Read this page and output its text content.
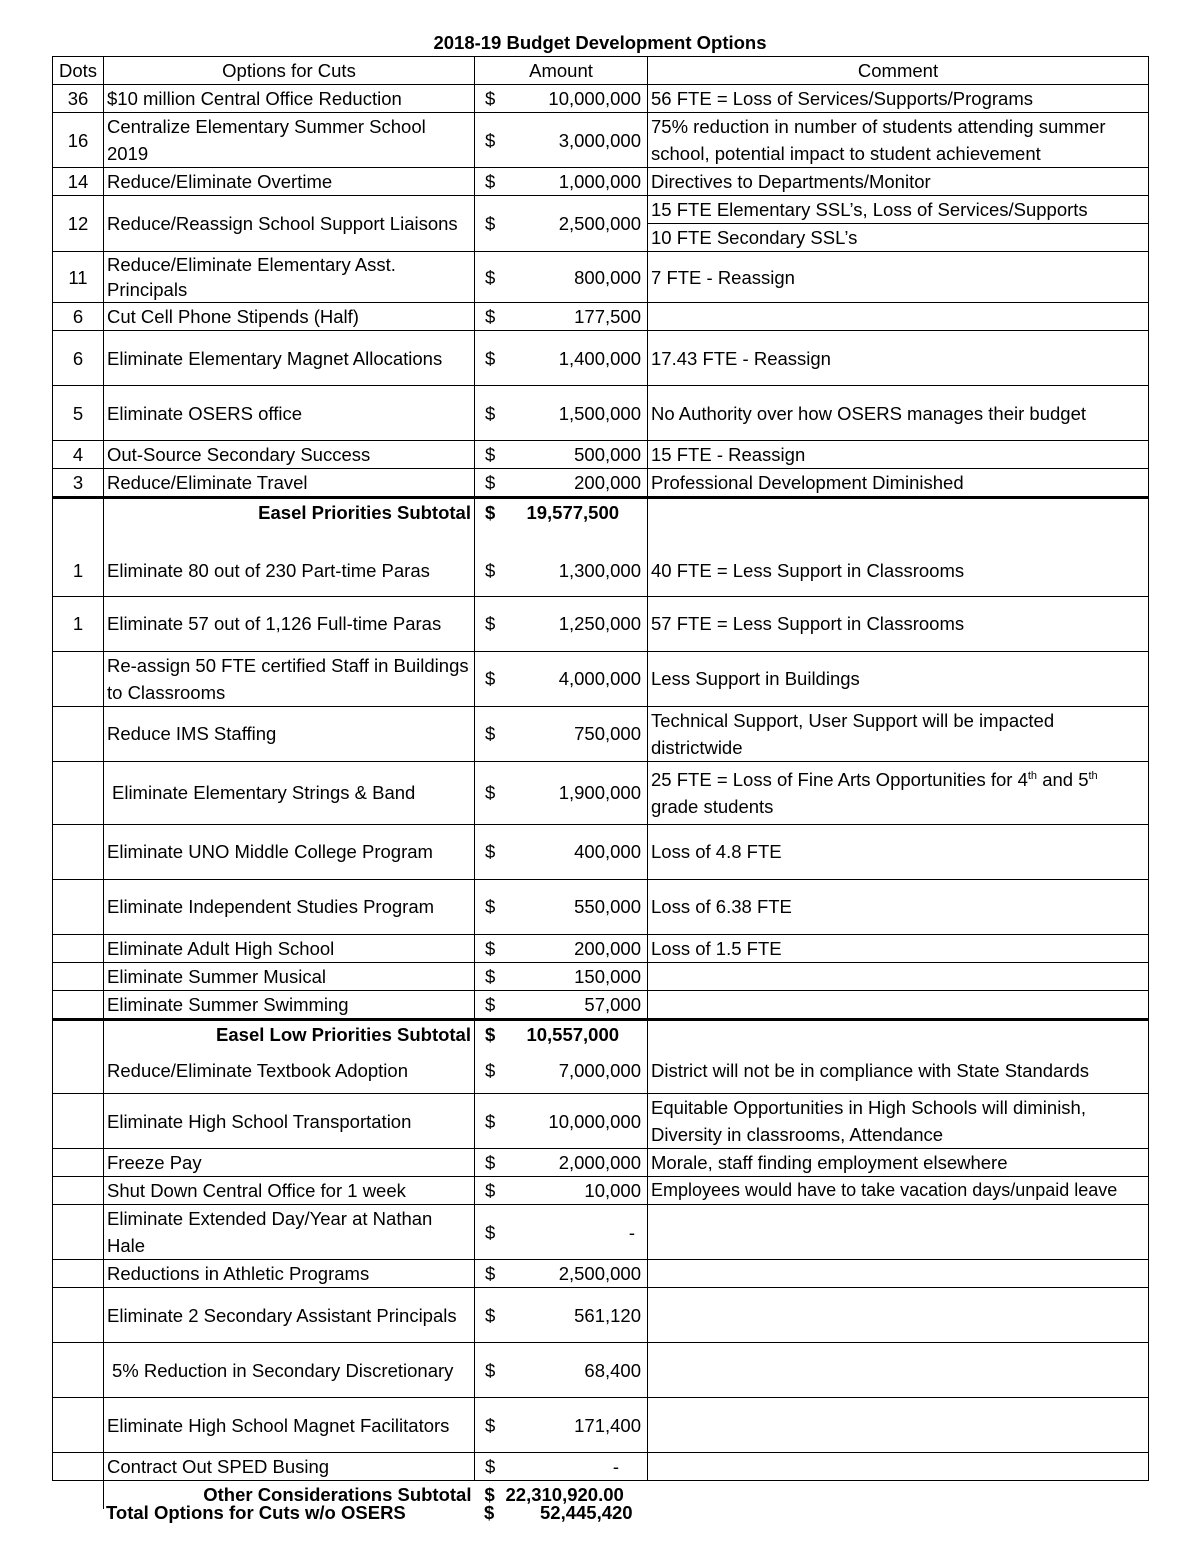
2018-19 Budget Development Options
Dots	Options for Cuts	Amount		Comment
36	$10 million Central Office Reduction	$	10,000,000	56 FTE = Loss of Services/Supports/Programs
16	Centralize Elementary Summer School 2019	$	3,000,000	75% reduction in number of students attending summer school, potential impact to student achievement
14	Reduce/Eliminate Overtime	$	1,000,000	Directives to Departments/Monitor
12	Reduce/Reassign School Support Liaisons	$	2,500,000	15 FTE Elementary SSL’s, Loss of Services/Supports
				10 FTE Secondary SSL’s
11	Reduce/Eliminate Elementary Asst. Principals	$	800,000	7 FTE - Reassign
6	Cut Cell Phone Stipends (Half)	$	177,500	
6	Eliminate Elementary Magnet Allocations	$	1,400,000	17.43 FTE - Reassign
5	Eliminate OSERS office	$	1,500,000	No Authority over how OSERS manages their budget
4	Out-Source Secondary Success	$	500,000	15 FTE - Reassign
3	Reduce/Eliminate Travel	$	200,000	Professional Development Diminished
	Easel Priorities Subtotal	$	19,577,500	
1	Eliminate 80 out of 230 Part-time Paras	$	1,300,000	40 FTE = Less Support in Classrooms
1	Eliminate 57 out of 1,126 Full-time Paras	$	1,250,000	57 FTE = Less Support in Classrooms
	Re-assign 50 FTE certified Staff in Buildings to Classrooms	$	4,000,000	Less Support in Buildings
	Reduce IMS Staffing	$	750,000	Technical Support, User Support will be impacted districtwide
	Eliminate Elementary Strings & Band	$	1,900,000	25 FTE = Loss of Fine Arts Opportunities for 4th and 5th
grade students
	Eliminate UNO Middle College Program	$	400,000	Loss of 4.8 FTE
	Eliminate Independent Studies Program	$	550,000	Loss of 6.38 FTE
	Eliminate Adult High School	$	200,000	Loss of 1.5 FTE
	Eliminate Summer Musical	$	150,000	
	Eliminate Summer Swimming	$	57,000	
	Easel Low Priorities Subtotal	$	10,557,000	
	Reduce/Eliminate Textbook Adoption	$	7,000,000	District will not be in compliance with State Standards
	Eliminate High School Transportation	$	10,000,000	Equitable Opportunities in High Schools will diminish, Diversity in classrooms, Attendance
	Freeze Pay	$	2,000,000	Morale, staff finding employment elsewhere
	Shut Down Central Office for 1 week	$	10,000	Employees would have to take vacation days/unpaid leave
	Eliminate Extended Day/Year at Nathan Hale	$	-	
	Reductions in Athletic Programs	$	2,500,000	
	Eliminate 2 Secondary Assistant Principals	$	561,120	
	5% Reduction in Secondary Discretionary	$	68,400	
	Eliminate High School Magnet Facilitators	$	171,400	
	Contract Out SPED Busing	$	-	
	Other Considerations Subtotal	$	22,310,920.00	
Total Options for Cuts w/o OSERS	$ 52,445,420
